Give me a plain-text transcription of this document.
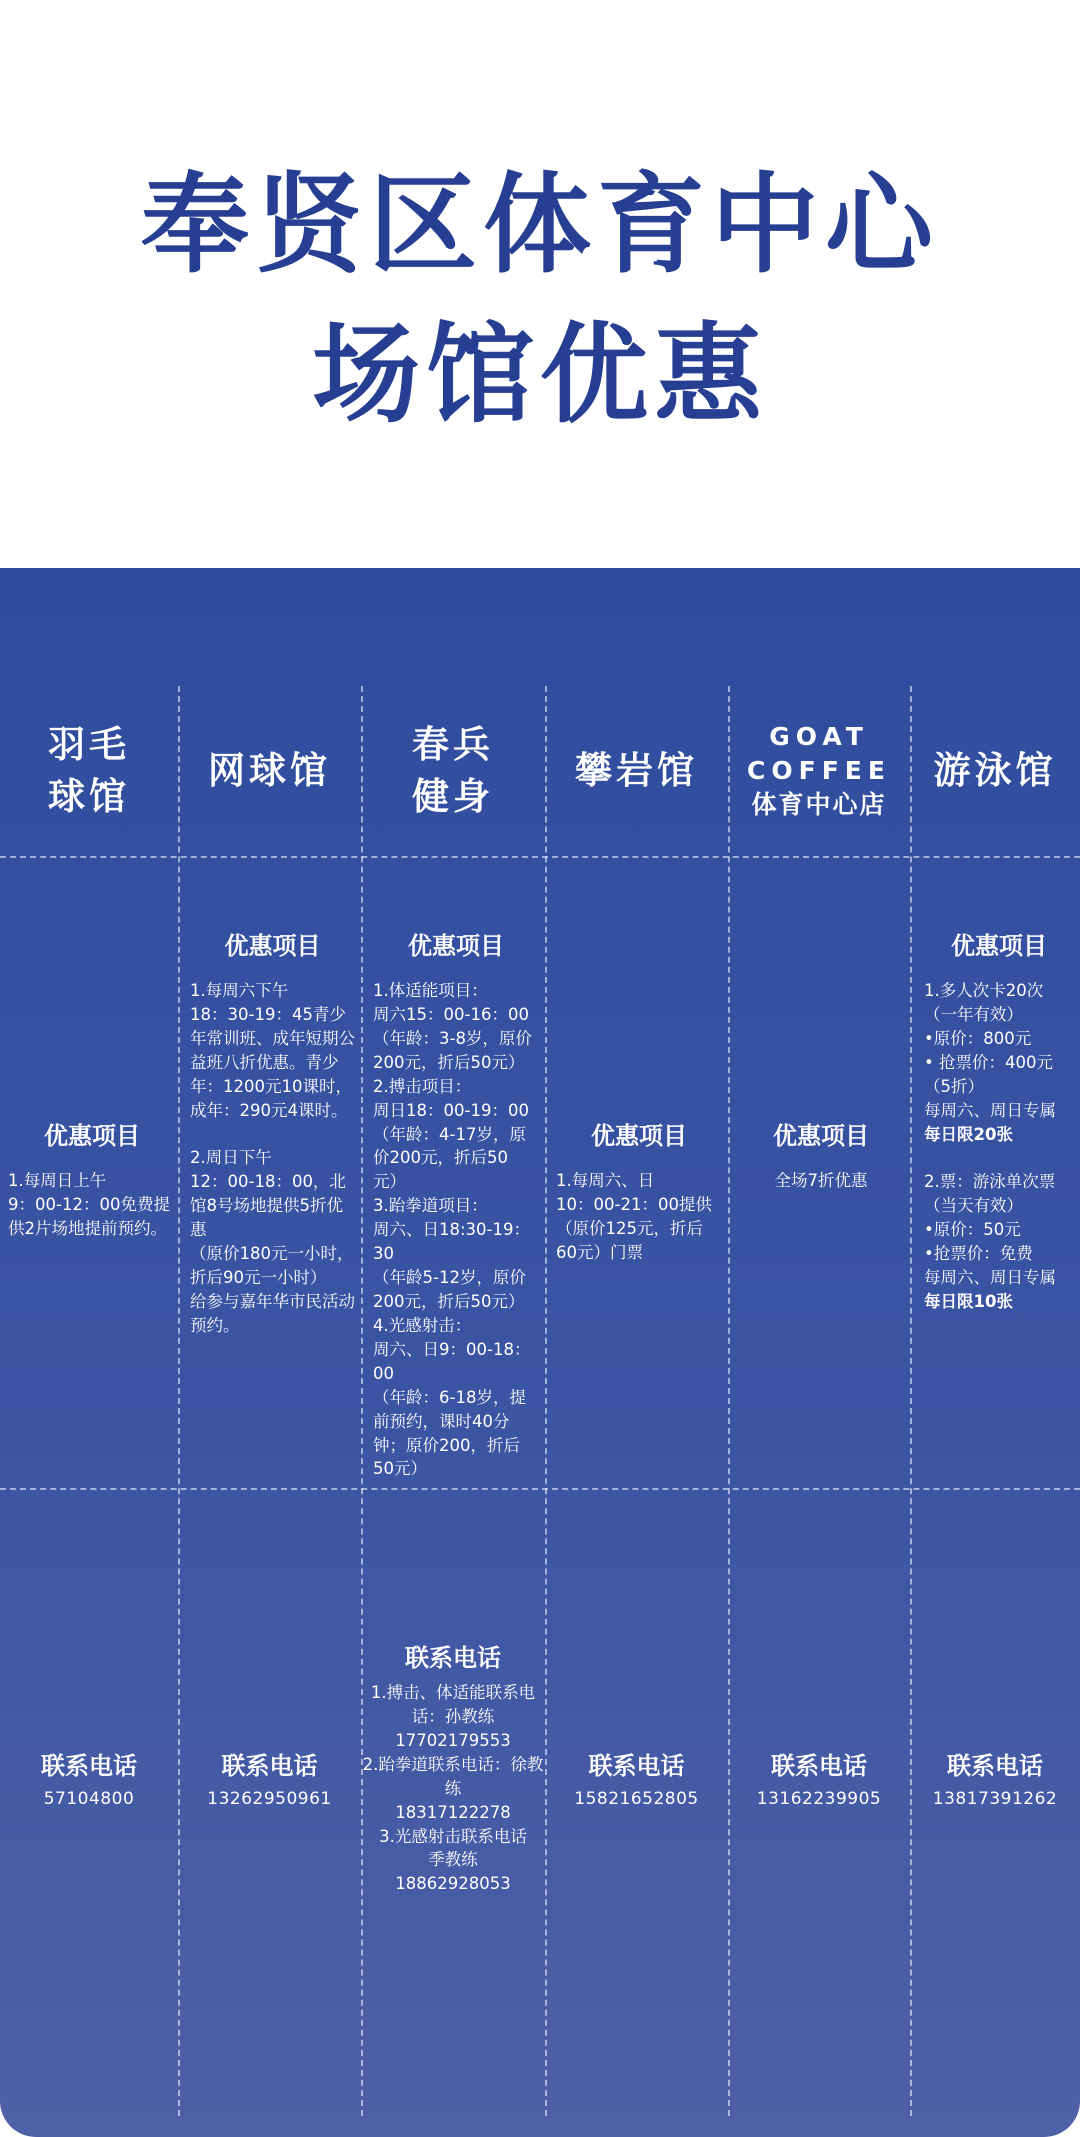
奉贤区体育中心
场馆优惠
羽毛
球馆
网球馆
春兵
健身
攀岩馆
GOAT
COFFEE
体育中心店
游泳馆
优惠项目
1.每周日上午
9：00-12：00免费提供2片场地提前预约。
优惠项目
1.每周六下午
18：30-19：45青少年常训班、成年短期公益班八折优惠。青少年：1200元10课时，成年：290元4课时。

2.周日下午
12：00-18：00，北馆8号场地提供5折优惠
（原价180元一小时，折后90元一小时）
给参与嘉年华市民活动预约。
优惠项目
1.体适能项目：
周六15：00-16：00
（年龄：3-8岁，原价200元，折后50元）
2.搏击项目：
周日18：00-19：00
（年龄：4-17岁，原价200元，折后50元）
3.跆拳道项目：
周六、日18:30-19：30
（年龄5-12岁，原价200元，折后50元）
4.光感射击：
周六、日9：00-18：00
（年龄：6-18岁，提前预约，课时40分钟；原价200，折后50元）
优惠项目
1.每周六、日
10：00-21：00提供（原价125元，折后60元）门票
优惠项目
全场7折优惠
优惠项目
1.多人次卡20次（一年有效）
•原价：800元
• 抢票价：400元（5折）
每周六、周日专属
每日限20张

2.票：游泳单次票（当天有效）
•原价：50元
•抢票价：免费
每周六、周日专属
每日限10张
联系电话
57104800
联系电话
13262950961
联系电话
1.搏击、体适能联系电话：孙教练
17702179553
2.跆拳道联系电话：徐教练
18317122278
3.光感射击联系电话
季教练
18862928053
联系电话
15821652805
联系电话
13162239905
联系电话
13817391262
